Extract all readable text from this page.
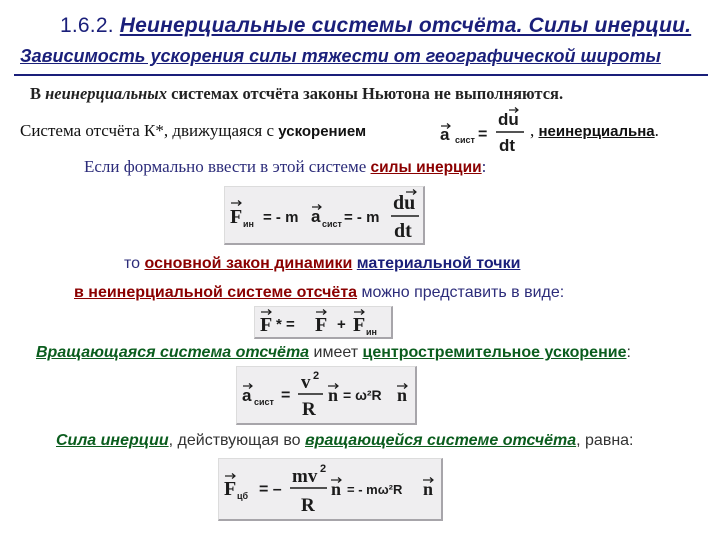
1.6.2. Неинерциальные системы отсчёта. Силы инерции.
Зависимость ускорения силы тяжести от географической широты
В неинерциальных системах отсчёта законы Ньютона не выполняются.
Система отсчёта К*, движущаяся с ускорением	a сист =
du
dt
, неинерциальна.
Если формально ввести в этой системе силы инерции:
F ин = - m a сист = - m
du
dt
то основной закон динамики материальной точки
в неинерциальной системе отсчёта можно представить в виде:
F * = F + F ин
Вращающаяся система отсчёта имеет центростремительное ускорение:
a сист =
v 2
R
n = ω²R n
Сила инерции, действующая во вращающейся системе отсчёта, равна:
F цб = –
mv 2
R
n = - mω²R n
